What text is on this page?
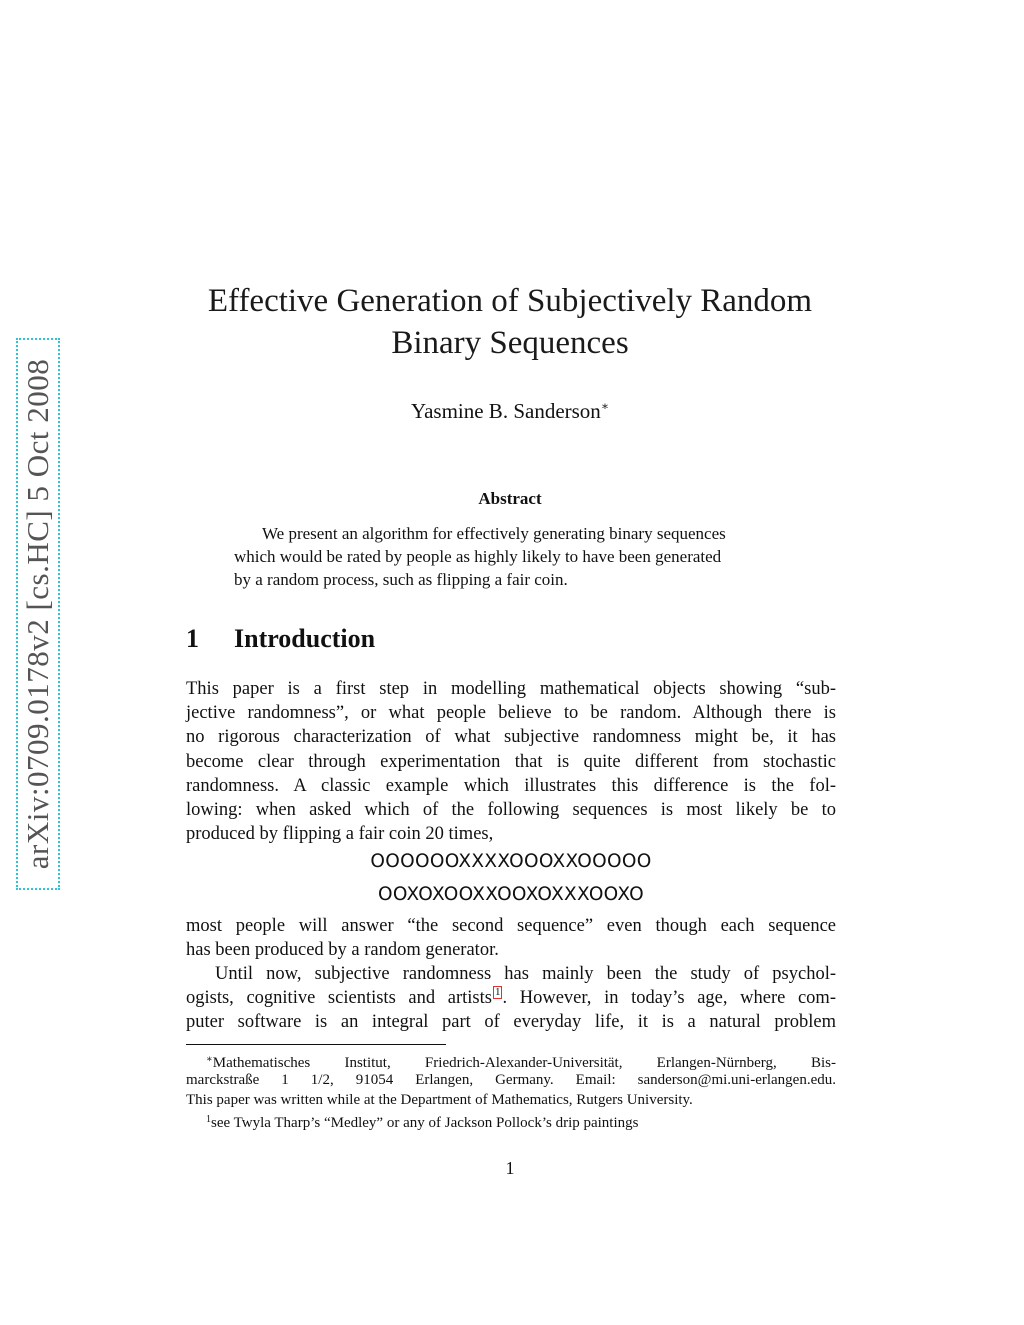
arXiv:0709.0178v2 [cs.HC] 5 Oct 2008
Effective Generation of Subjectively Random
Binary Sequences
Yasmine B. Sanderson∗
Abstract
We present an algorithm for effectively generating binary sequences
which would be rated by people as highly likely to have been generated
by a random process, such as flipping a fair coin.
1 Introduction
This paper is a first step in modelling mathematical objects showing “sub-
jective randomness”, or what people believe to be random. Although there is
no rigorous characterization of what subjective randomness might be, it has
become clear through experimentation that is quite different from stochastic
randomness. A classic example which illustrates this difference is the fol-
lowing: when asked which of the following sequences is most likely be to
produced by flipping a fair coin 20 times,
OOOOOOXXXXOOOXXOOOOO
OOXOXOOXXOOXOXXXOOXO
most people will answer “the second sequence” even though each sequence
has been produced by a random generator.
Until now, subjective randomness has mainly been the study of psychol-
ogists, cognitive scientists and artists 1 . However, in today’s age, where com-
puter software is an integral part of everyday life, it is a natural problem
∗Mathematisches Institut, Friedrich-Alexander-Universität, Erlangen-Nürnberg, Bis-
marckstraße 1 1/2, 91054 Erlangen, Germany. Email: sanderson@mi.uni-erlangen.edu.
This paper was written while at the Department of Mathematics, Rutgers University.
$^1$see Twyla Tharp’s “Medley” or any of Jackson Pollock’s drip paintings
1
